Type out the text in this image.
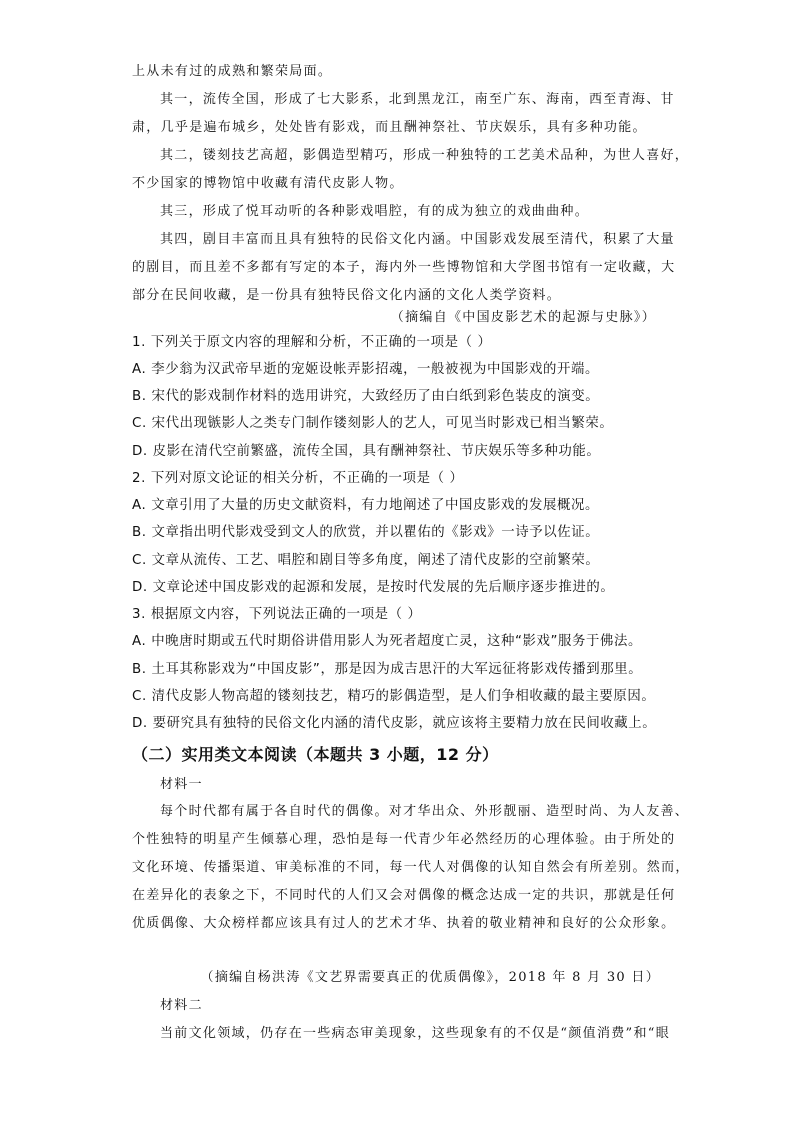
上从未有过的成熟和繁荣局面。

其一，流传全国，形成了七大影系，北到黑龙江，南至广东、海南，西至青海、甘

肃，几乎是遍布城乡，处处皆有影戏，而且酬神祭社、节庆娱乐，具有多种功能。

其二，镂刻技艺高超，影偶造型精巧，形成一种独特的工艺美术品种，为世人喜好，

不少国家的博物馆中收藏有清代皮影人物。

其三，形成了悦耳动听的各种影戏唱腔，有的成为独立的戏曲曲种。

其四，剧目丰富而且具有独特的民俗文化内涵。中国影戏发展至清代，积累了大量

的剧目，而且差不多都有写定的本子，海内外一些博物馆和大学图书馆有一定收藏，大

部分在民间收藏，是一份具有独特民俗文化内涵的文化人类学资料。

（摘编自《中国皮影艺术的起源与史脉》）

1. 下列关于原文内容的理解和分析，不正确的一项是（ ）

A. 李少翁为汉武帝早逝的宠姬设帐弄影招魂，一般被视为中国影戏的开端。

B. 宋代的影戏制作材料的选用讲究，大致经历了由白纸到彩色装皮的演变。

C. 宋代出现镞影人之类专门制作镂刻影人的艺人，可见当时影戏已相当繁荣。

D. 皮影在清代空前繁盛，流传全国，具有酬神祭社、节庆娱乐等多种功能。

2. 下列对原文论证的相关分析，不正确的一项是（ ）

A. 文章引用了大量的历史文献资料，有力地阐述了中国皮影戏的发展概况。

B. 文章指出明代影戏受到文人的欣赏，并以瞿佑的《影戏》一诗予以佐证。

C. 文章从流传、工艺、唱腔和剧目等多角度，阐述了清代皮影的空前繁荣。

D. 文章论述中国皮影戏的起源和发展，是按时代发展的先后顺序逐步推进的。

3. 根据原文内容，下列说法正确的一项是（ ）

A. 中晚唐时期或五代时期俗讲借用影人为死者超度亡灵，这种“影戏”服务于佛法。

B. 土耳其称影戏为“中国皮影”，那是因为成吉思汗的大军远征将影戏传播到那里。

C. 清代皮影人物高超的镂刻技艺，精巧的影偶造型，是人们争相收藏的最主要原因。

D. 要研究具有独特的民俗文化内涵的清代皮影，就应该将主要精力放在民间收藏上。

（二）实用类文本阅读（本题共 3 小题，12 分）

材料一

每个时代都有属于各自时代的偶像。对才华出众、外形靓丽、造型时尚、为人友善、

个性独特的明星产生倾慕心理，恐怕是每一代青少年必然经历的心理体验。由于所处的

文化环境、传播渠道、审美标准的不同，每一代人对偶像的认知自然会有所差别。然而，

在差异化的表象之下，不同时代的人们又会对偶像的概念达成一定的共识，那就是任何

优质偶像、大众榜样都应该具有过人的艺术才华、执着的敬业精神和良好的公众形象。

（摘编自杨洪涛《文艺界需要真正的优质偶像》，2018 年 8 月 30 日）

材料二

当前文化领域，仍存在一些病态审美现象，这些现象有的不仅是“颜值消费”和“眼
